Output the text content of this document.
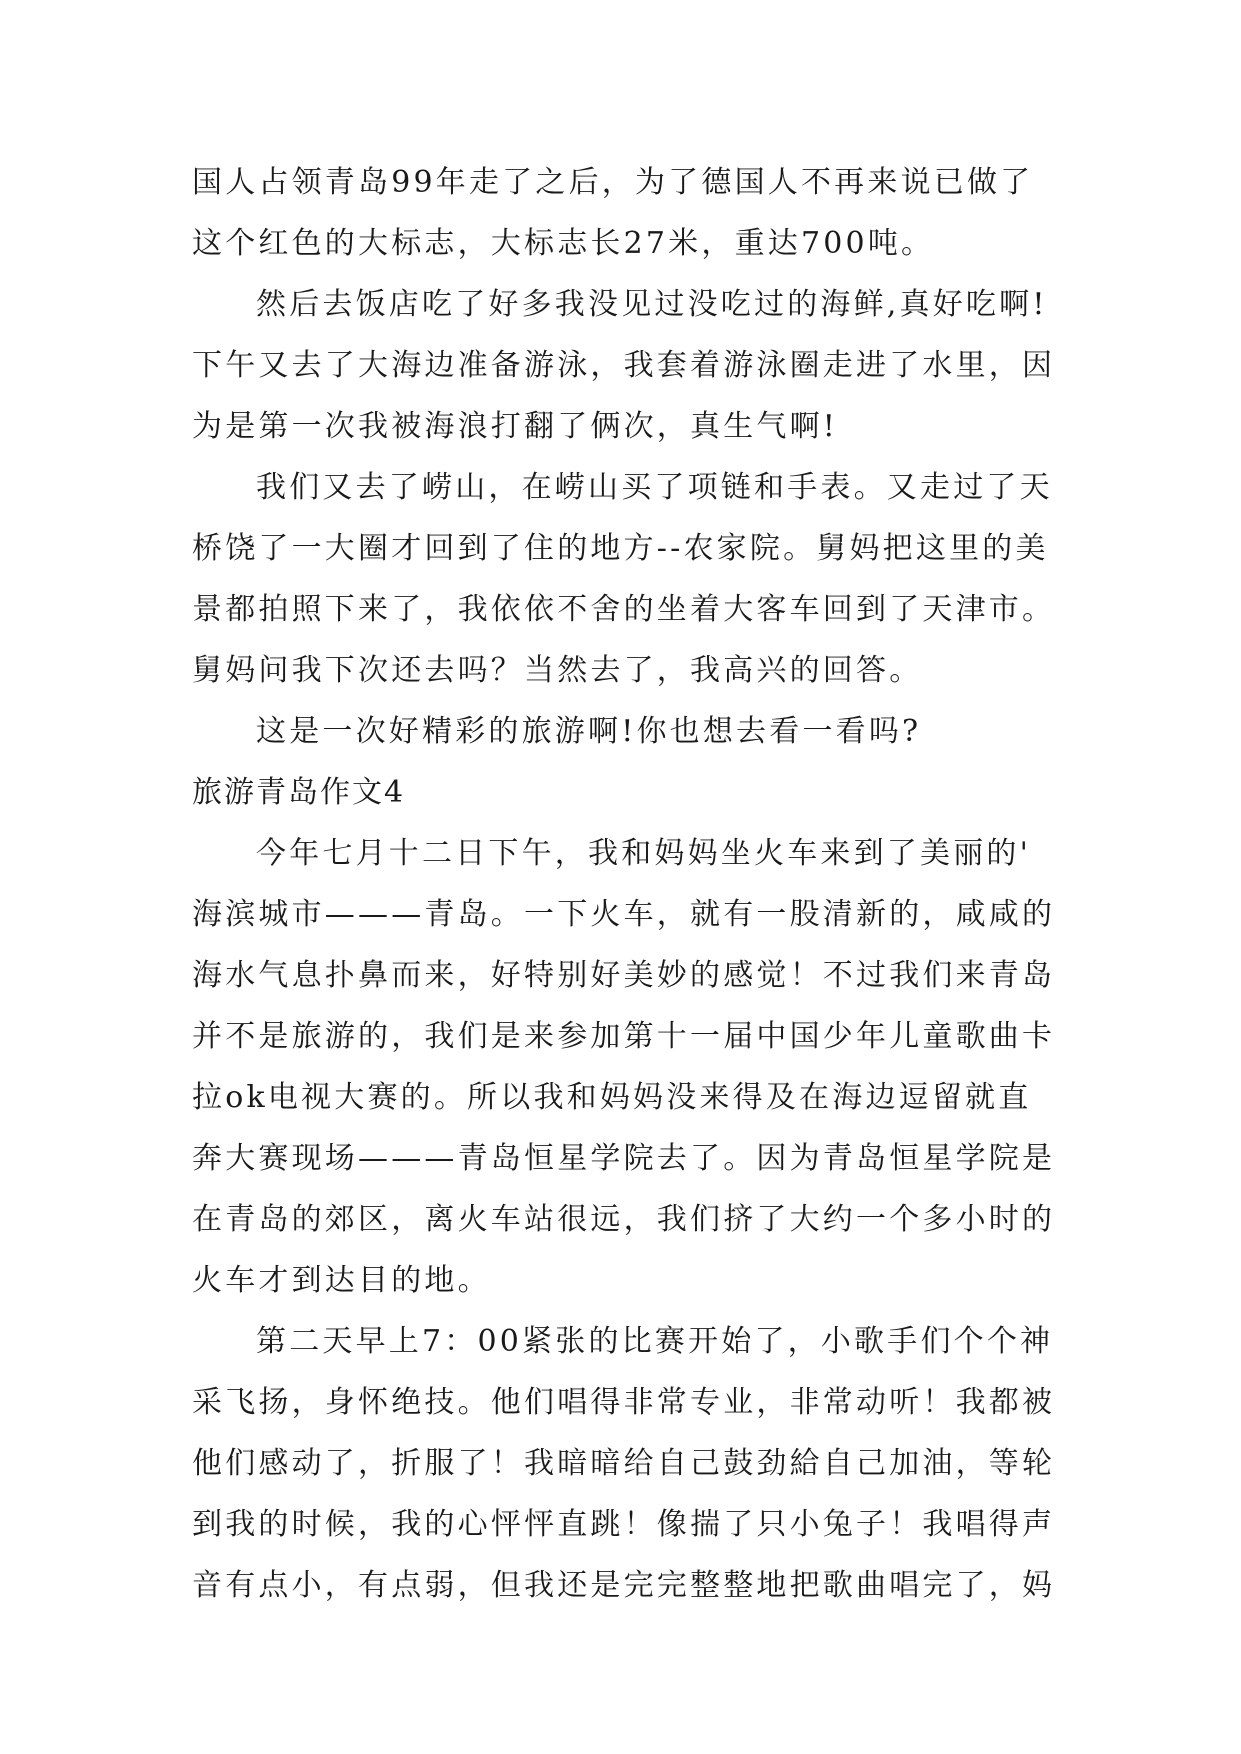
国人占领青岛99年走了之后，为了德国人不再来说已做了
这个红色的大标志，大标志长27米，重达700吨。
然后去饭店吃了好多我没见过没吃过的海鲜,真好吃啊!
下午又去了大海边准备游泳，我套着游泳圈走进了水里，因
为是第一次我被海浪打翻了俩次，真生气啊!
我们又去了崂山，在崂山买了项链和手表。又走过了天
桥饶了一大圈才回到了住的地方--农家院。舅妈把这里的美
景都拍照下来了，我依依不舍的坐着大客车回到了天津市。
舅妈问我下次还去吗？当然去了，我高兴的回答。
这是一次好精彩的旅游啊!你也想去看一看吗?
旅游青岛作文4
今年七月十二日下午，我和妈妈坐火车来到了美丽的'
海滨城市———青岛。一下火车，就有一股清新的，咸咸的
海水气息扑鼻而来，好特别好美妙的感觉！不过我们来青岛
并不是旅游的，我们是来参加第十一届中国少年儿童歌曲卡
拉ok电视大赛的。所以我和妈妈没来得及在海边逗留就直
奔大赛现场———青岛恒星学院去了。因为青岛恒星学院是
在青岛的郊区，离火车站很远，我们挤了大约一个多小时的
火车才到达目的地。
第二天早上7：00紧张的比赛开始了，小歌手们个个神
采飞扬，身怀绝技。他们唱得非常专业，非常动听！我都被
他们感动了，折服了！我暗暗给自己鼓劲給自己加油，等轮
到我的时候，我的心怦怦直跳！像揣了只小兔子！我唱得声
音有点小，有点弱，但我还是完完整整地把歌曲唱完了，妈
